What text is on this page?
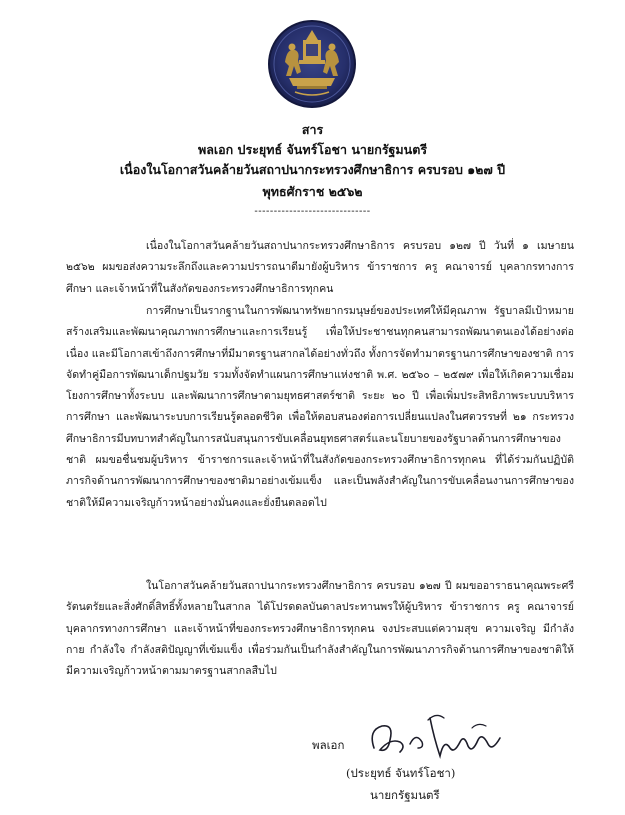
สาร
พลเอก ประยุทธ์ จันทร์โอชา นายกรัฐมนตรี
เนื่องในโอกาสวันคล้ายวันสถาปนากระทรวงศึกษาธิการ ครบรอบ ๑๒๗ ปี
พุทธศักราช ๒๕๖๒
------------------------------

เนื่องในโอกาสวันคล้ายวันสถาปนากระทรวงศึกษาธิการ ครบรอบ ๑๒๗ ปี วันที่ ๑ เมษายน ๒๕๖๒ ผมขอส่งความระลึกถึงและความปรารถนาดีมายังผู้บริหาร ข้าราชการ ครู คณาจารย์ บุคลากรทางการศึกษา และเจ้าหน้าที่ในสังกัดของกระทรวงศึกษาธิการทุกคน

การศึกษาเป็นรากฐานในการพัฒนาทรัพยากรมนุษย์ของประเทศให้มีคุณภาพ รัฐบาลมีเป้าหมายสร้างเสริมและพัฒนาคุณภาพการศึกษาและการเรียนรู้ เพื่อให้ประชาชนทุกคนสามารถพัฒนาตนเองได้อย่างต่อเนื่อง และมีโอกาสเข้าถึงการศึกษาที่มีมาตรฐานสากลได้อย่างทั่วถึง ทั้งการจัดทำมาตรฐานการศึกษาของชาติ การจัดทำคู่มือการพัฒนาเด็กปฐมวัย รวมทั้งจัดทำแผนการศึกษาแห่งชาติ พ.ศ. ๒๕๖๐ – ๒๕๗๙ เพื่อให้เกิดความเชื่อมโยงการศึกษาทั้งระบบ และพัฒนาการศึกษาตามยุทธศาสตร์ชาติ ระยะ ๒๐ ปี เพื่อเพิ่มประสิทธิภาพระบบบริหารการศึกษา และพัฒนาระบบการเรียนรู้ตลอดชีวิต เพื่อให้ตอบสนองต่อการเปลี่ยนแปลงในศตวรรษที่ ๒๑ กระทรวงศึกษาธิการมีบทบาทสำคัญในการสนับสนุนการขับเคลื่อนยุทธศาสตร์และนโยบายของรัฐบาลด้านการศึกษาของชาติ ผมขอชื่นชมผู้บริหาร ข้าราชการและเจ้าหน้าที่ในสังกัดของกระทรวงศึกษาธิการทุกคน ที่ได้ร่วมกันปฏิบัติภารกิจด้านการพัฒนาการศึกษาของชาติมาอย่างเข้มแข็ง และเป็นพลังสำคัญในการขับเคลื่อนงานการศึกษาของชาติให้มีความเจริญก้าวหน้าอย่างมั่นคงและยั่งยืนตลอดไป

ในโอกาสวันคล้ายวันสถาปนากระทรวงศึกษาธิการ ครบรอบ ๑๒๗ ปี ผมขออาราธนาคุณพระศรีรัตนตรัยและสิ่งศักดิ์สิทธิ์ทั้งหลายในสากล ได้โปรดดลบันดาลประทานพรให้ผู้บริหาร ข้าราชการ ครู คณาจารย์ บุคลากรทางการศึกษา และเจ้าหน้าที่ของกระทรวงศึกษาธิการทุกคน จงประสบแต่ความสุข ความเจริญ มีกำลังกาย กำลังใจ กำลังสติปัญญาที่เข้มแข็ง เพื่อร่วมกันเป็นกำลังสำคัญในการพัฒนาภารกิจด้านการศึกษาของชาติให้มีความเจริญก้าวหน้าตามมาตรฐานสากลสืบไป

พลเอก
(ประยุทธ์ จันทร์โอชา)
นายกรัฐมนตรี
